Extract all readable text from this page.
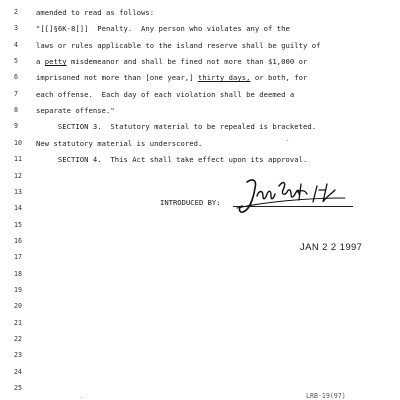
2	amended to read as follows:
3	"[[]§6K-8[]]  Penalty.  Any person who violates any of the
4	laws or rules applicable to the island reserve shall be guilty of
5	a petty misdemeanor and shall be fined not more than $1,000 or
6	imprisoned not more than [one year,] thirty days, or both, for
7	each offense.  Each day of each violation shall be deemed a
8	separate offense."
9	SECTION 3.  Statutory material to be repealed is bracketed.
10	New statutory material is underscored.
11	SECTION 4.  This Act shall take effect upon its approval.
12
13
14
15
16
17
18
19
20
21
22
23
24
25
INTRODUCED BY:
JAN 2 2 1997
LRB-19(97)
.
.
